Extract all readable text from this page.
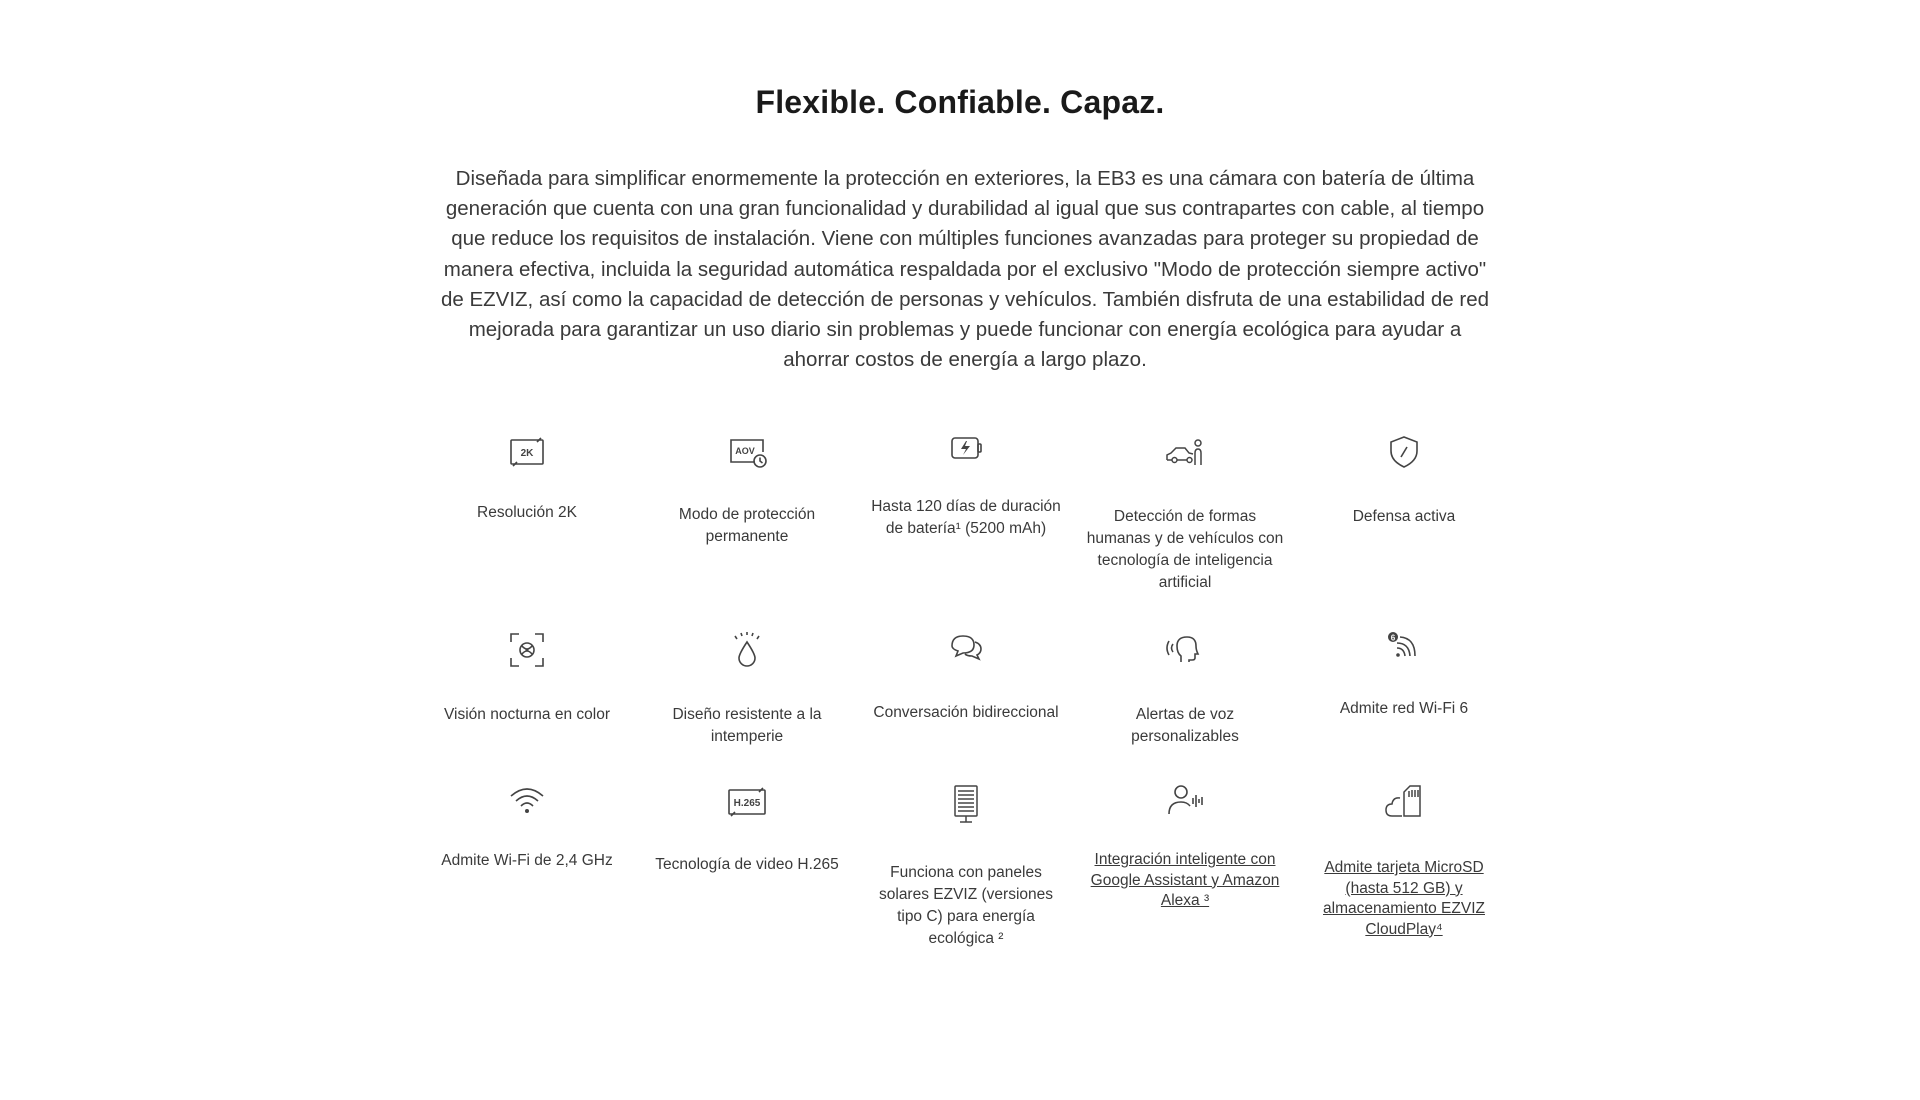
Flexible. Confiable. Capaz.

Diseñada para simplificar enormemente la protección en exteriores, la EB3 es una cámara con batería de última generación que cuenta con una gran funcionalidad y durabilidad al igual que sus contrapartes con cable, al tiempo que reduce los requisitos de instalación. Viene con múltiples funciones avanzadas para proteger su propiedad de manera efectiva, incluida la seguridad automática respaldada por el exclusivo "Modo de protección siempre activo" de EZVIZ, así como la capacidad de detección de personas y vehículos. También disfruta de una estabilidad de red mejorada para garantizar un uso diario sin problemas y puede funcionar con energía ecológica para ayudar a ahorrar costos de energía a largo plazo.

2K
Resolución 2K
AOV
Modo de protección permanente
Hasta 120 días de duración de batería¹ (5200 mAh)
Detección de formas humanas y de vehículos con tecnología de inteligencia artificial
Defensa activa
Visión nocturna en color	Diseño resistente a la intemperie
Conversación bidireccional	Alertas de voz personalizables
6
Admite red Wi-Fi 6
Admite Wi-Fi de 2,4 GHz
H.265
Tecnología de video H.265	Funciona con paneles solares EZVIZ (versiones tipo C) para energía ecológica ²
Integración inteligente con Google Assistant y Amazon Alexa ³
Admite tarjeta MicroSD (hasta 512 GB) y almacenamiento EZVIZ CloudPlay⁴
